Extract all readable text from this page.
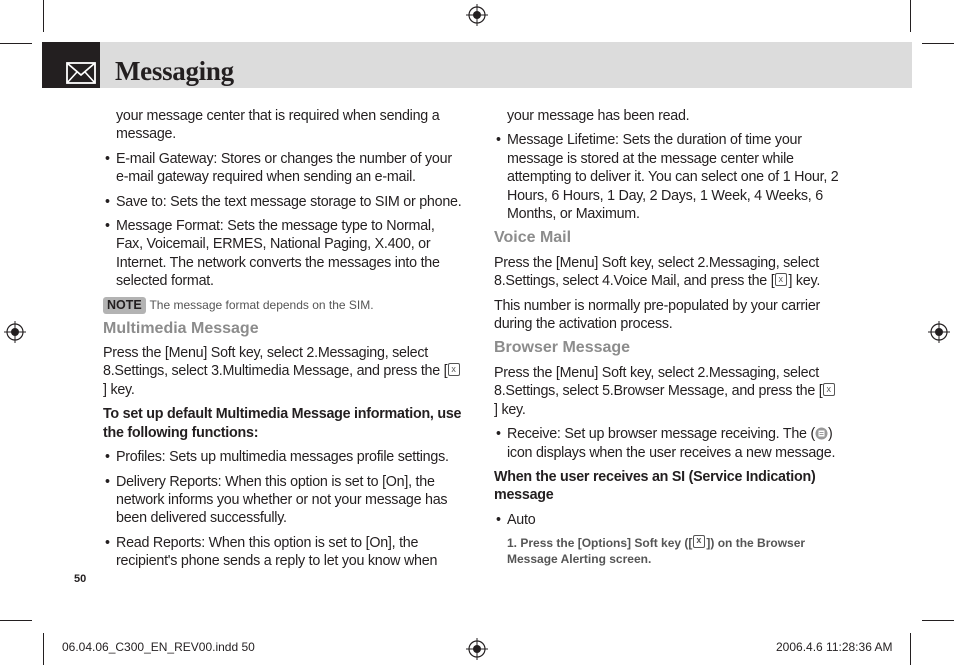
Messaging

your message center that is required when sending a message.

• E-mail Gateway: Stores or changes the number of your e-mail gateway required when sending an e-mail.

• Save to: Sets the text message storage to SIM or phone.

• Message Format: Sets the message type to Normal, Fax, Voicemail, ERMES, National Paging, X.400, or Internet. The network converts the messages into the selected format.

NOTE The message format depends on the SIM.

Multimedia Message

Press the [Menu] Soft key, select 2.Messaging, select 8.Settings, select 3.Multimedia Message, and press the [x] key.

To set up default Multimedia Message information, use the following functions:

• Profiles: Sets up multimedia messages profile settings.

• Delivery Reports: When this option is set to [On], the network informs you whether or not your message has been delivered successfully.

• Read Reports: When this option is set to [On], the recipient's phone sends a reply to let you know when

50

your message has been read.

• Message Lifetime: Sets the duration of time your message is stored at the message center while attempting to deliver it. You can select one of 1 Hour, 2 Hours, 6 Hours, 1 Day, 2 Days, 1 Week, 4 Weeks, 6 Months, or Maximum.

Voice Mail

Press the [Menu] Soft key, select 2.Messaging, select 8.Settings, select 4.Voice Mail, and press the [ x ] key.

This number is normally pre-populated by your carrier during the activation process.

Browser Message

Press the [Menu] Soft key, select 2.Messaging, select 8.Settings, select 5.Browser Message, and press the [x] key.

• Receive: Set up browser message receiving. The ( ) icon displays when the user receives a new message.

When the user receives an SI (Service Indication) message

• Auto

1. Press the [Options] Soft key ([ x ]) on the Browser Message Alerting screen.

06.04.06_C300_EN_REV00.indd 50	2006.4.6 11:28:36 AM
